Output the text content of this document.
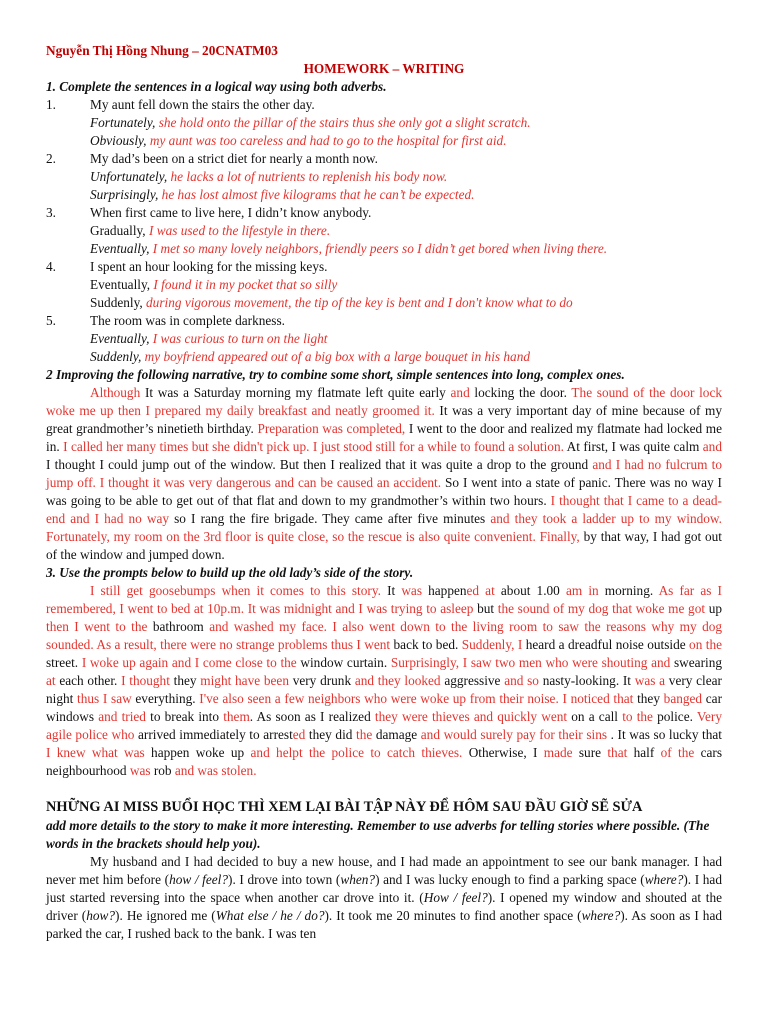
Nguyễn Thị Hồng Nhung – 20CNATM03
HOMEWORK – WRITING
1. Complete the sentences in a logical way using both adverbs.
1.	My aunt fell down the stairs the other day.
Fortunately, she hold onto the pillar of the stairs thus she only got a slight scratch.
Obviously, my aunt was too careless and had to go to the hospital for first aid.
2.	My dad’s been on a strict diet for nearly a month now.
Unfortunately, he lacks a lot of nutrients to replenish his body now.
Surprisingly, he has lost almost five kilograms that he can’t be expected.
3.	When first came to live here, I didn’t know anybody.
Gradually, I was used to the lifestyle in there.
Eventually, I met so many lovely neighbors, friendly peers so I didn’t get bored when living there.
4.	I spent an hour looking for the missing keys.
Eventually, I found it in my pocket that so silly
Suddenly, during vigorous movement, the tip of the key is bent and I don't know what to do
5.	The room was in complete darkness.
Eventually, I was curious to turn on the light
Suddenly, my boyfriend appeared out of a big box with a large bouquet in his hand
2 Improving the following narrative, try to combine some short, simple sentences into long, complex ones.
Although It was a Saturday morning my flatmate left quite early and locking the door. The sound of the door lock woke me up then I prepared my daily breakfast and neatly groomed it. It was a very important day of mine because of my great grandmother’s ninetieth birthday. Preparation was completed, I went to the door and realized my flatmate had locked me in. I called her many times but she didn't pick up. I just stood still for a while to found a solution. At first, I was quite calm and I thought I could jump out of the window. But then I realized that it was quite a drop to the ground and I had no fulcrum to jump off. I thought it was very dangerous and can be caused an accident. So I went into a state of panic. There was no way I was going to be able to get out of that flat and down to my grandmother’s within two hours. I thought that I came to a dead-end and I had no way so I rang the fire brigade. They came after five minutes and they took a ladder up to my window. Fortunately, my room on the 3rd floor is quite close, so the rescue is also quite convenient. Finally, by that way, I had got out of the window and jumped down.
3. Use the prompts below to build up the old lady’s side of the story.
I still get goosebumps when it comes to this story. It was happened at about 1.00 am in morning. As far as I remembered, I went to bed at 10p.m. It was midnight and I was trying to asleep but the sound of my dog that woke me got up then I went to the bathroom and washed my face. I also went down to the living room to saw the reasons why my dog sounded. As a result, there were no strange problems thus I went back to bed. Suddenly, I heard a dreadful noise outside on the street. I woke up again and I come close to the window curtain. Surprisingly, I saw two men who were shouting and swearing at each other. I thought they might have been very drunk and they looked aggressive and so nasty-looking. It was a very clear night thus I saw everything. I've also seen a few neighbors who were woke up from their noise. I noticed that they banged car windows and tried to break into them. As soon as I realized they were thieves and quickly went on a call to the police. Very agile police who arrived immediately to arrested they did the damage and would surely pay for their sins . It was so lucky that I knew what was happen woke up and helpt the police to catch thieves. Otherwise, I made sure that half of the cars neighbourhood was rob and was stolen.
NHỮNG AI MISS BUỔI HỌC THÌ XEM LẠI BÀI TẬP NÀY ĐỂ HÔM SAU ĐẦU GIỜ SẼ SỬA
add more details to the story to make it more interesting. Remember to use adverbs for telling stories where possible. (The words in the brackets should help you).
My husband and I had decided to buy a new house, and I had made an appointment to see our bank manager. I had never met him before (how / feel?). I drove into town (when?) and I was lucky enough to find a parking space (where?). I had just started reversing into the space when another car drove into it. (How / feel?). I opened my window and shouted at the driver (how?). He ignored me (What else / he / do?). It took me 20 minutes to find another space (where?). As soon as I had parked the car, I rushed back to the bank. I was ten
